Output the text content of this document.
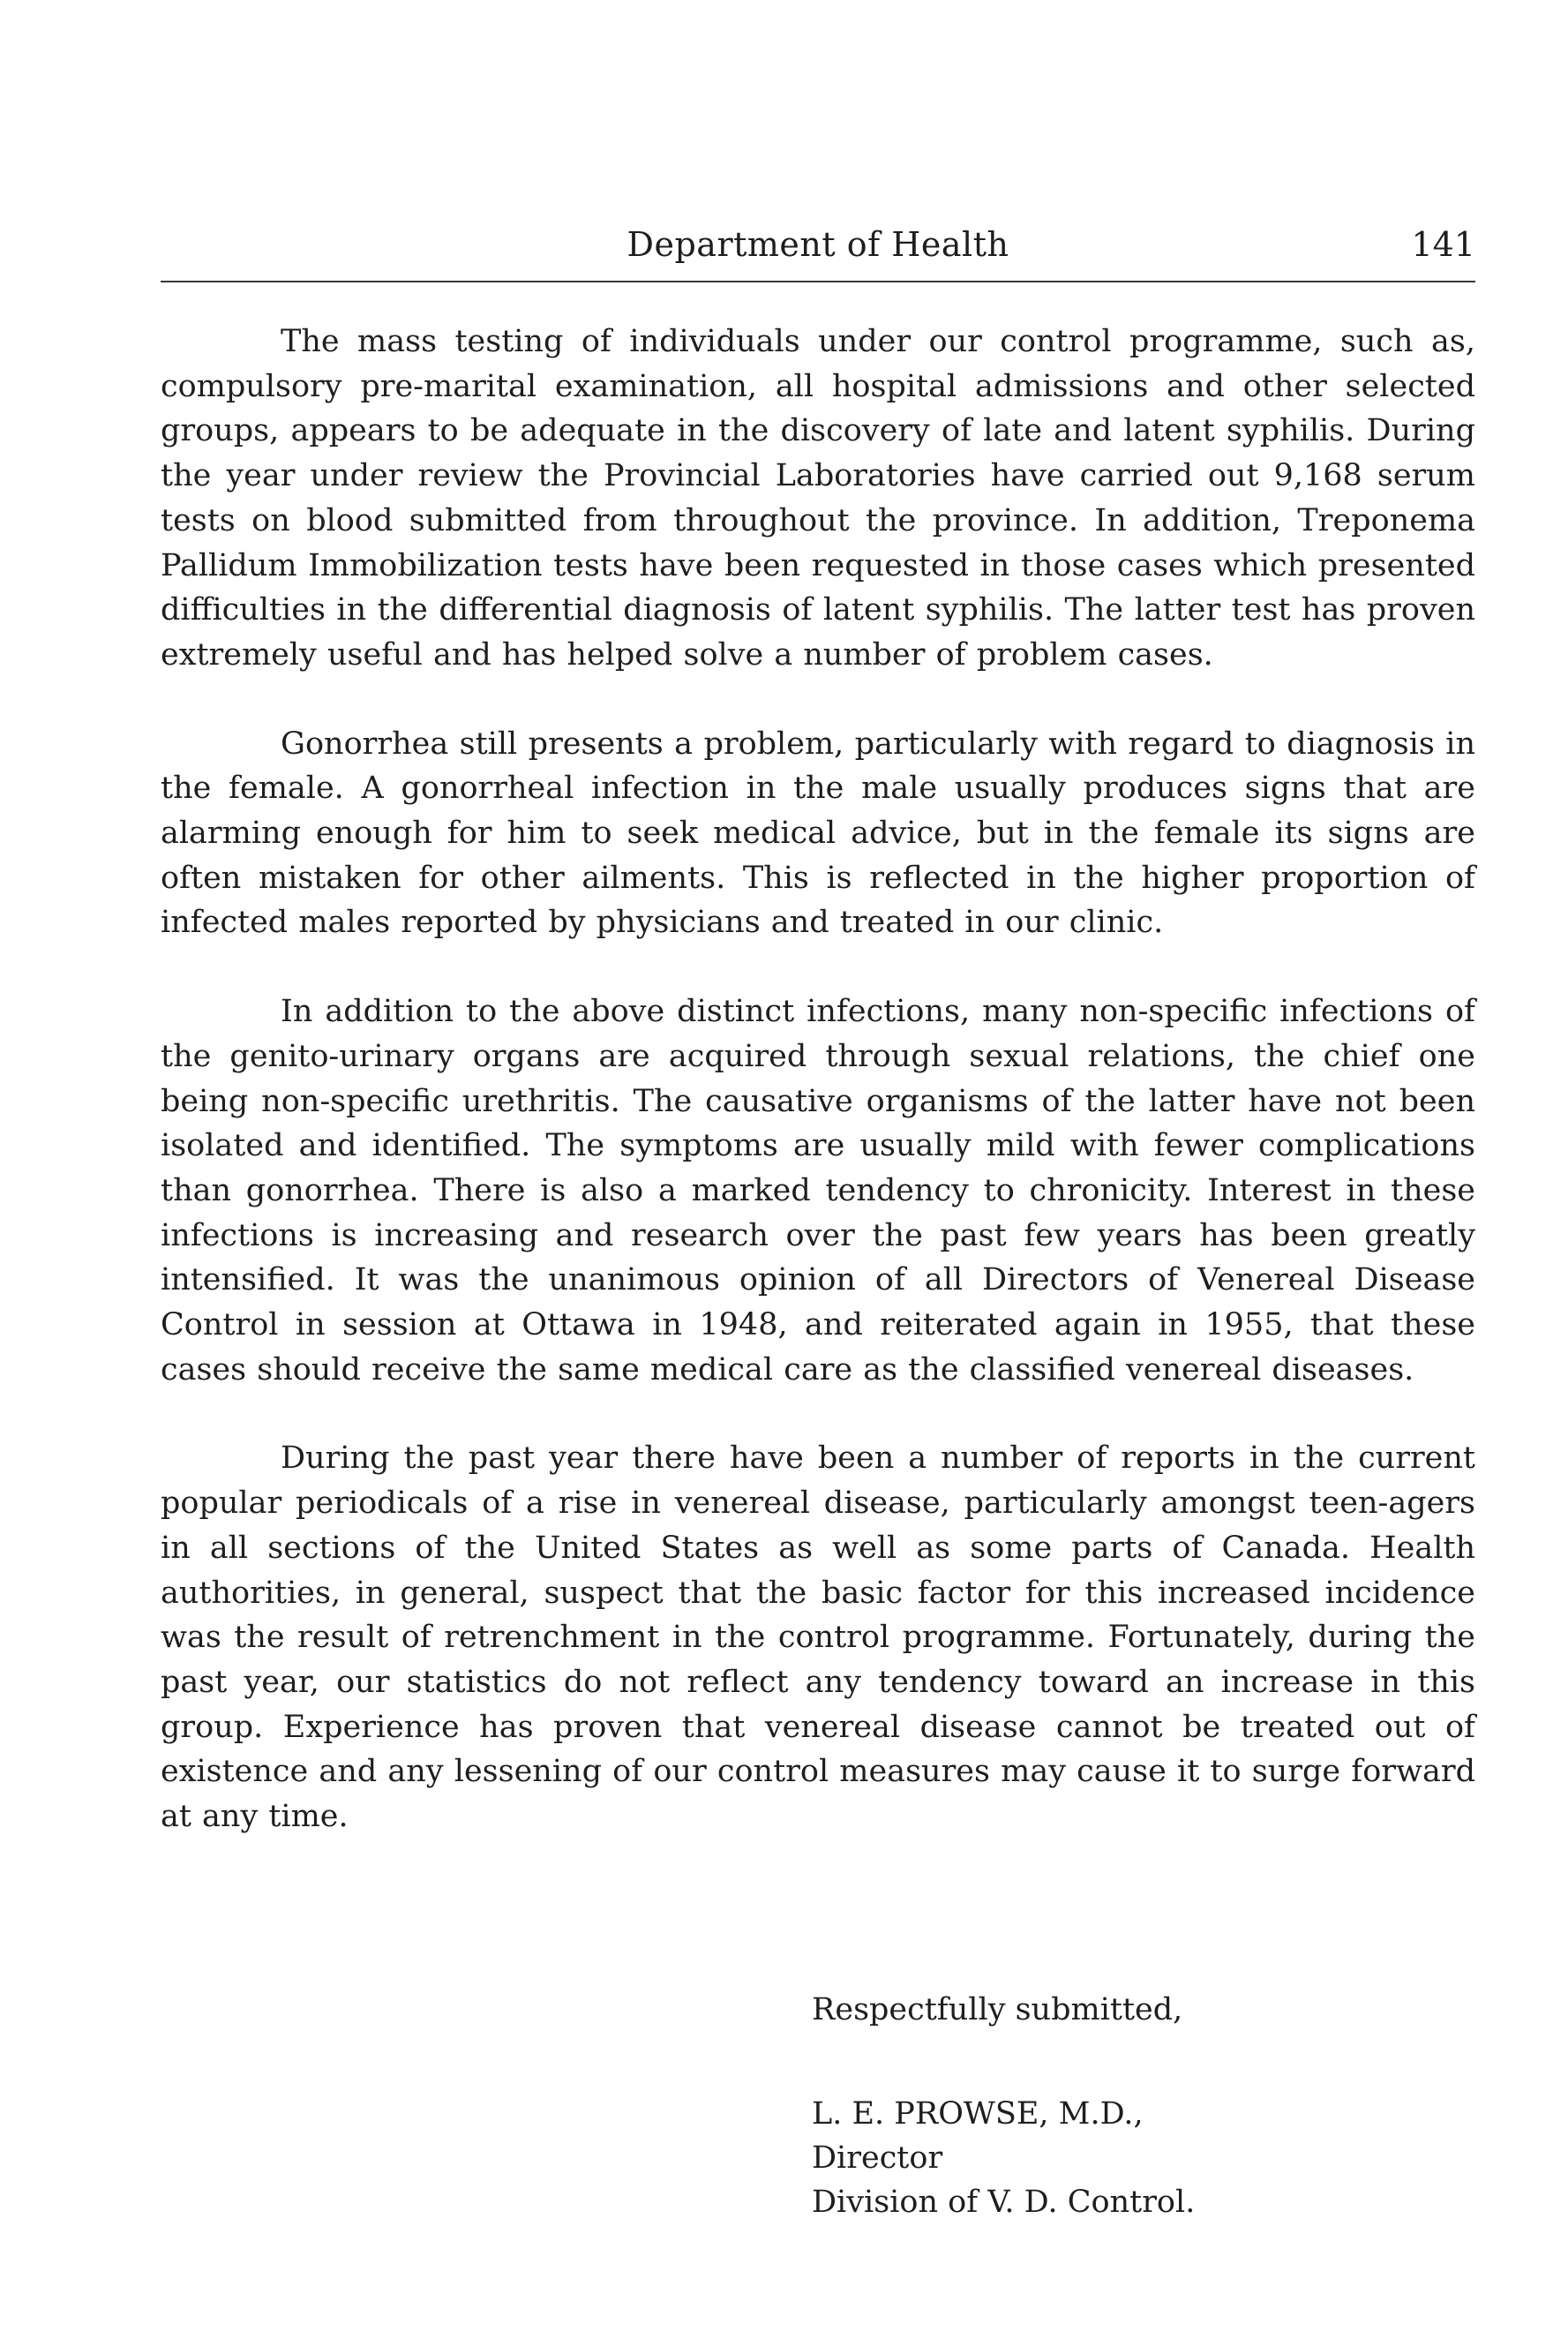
Department of Health	141

The mass testing of individuals under our control programme, such as, compulsory pre-marital examination, all hospital admissions and other selected groups, appears to be adequate in the discovery of late and latent syphilis. During the year under review the Provincial Laboratories have carried out 9,168 serum tests on blood submitted from throughout the province. In addition, Treponema Pallidum Immobilization tests have been requested in those cases which presented difficulties in the differential diagnosis of latent syphilis. The latter test has proven extremely useful and has helped solve a number of problem cases.

Gonorrhea still presents a problem, particularly with regard to diagnosis in the female. A gonorrheal infection in the male usually produces signs that are alarming enough for him to seek medical advice, but in the female its signs are often mistaken for other ailments. This is reflected in the higher proportion of infected males reported by physicians and treated in our clinic.

In addition to the above distinct infections, many non-specific infections of the genito-urinary organs are acquired through sexual relations, the chief one being non-specific urethritis. The causative organisms of the latter have not been isolated and identified. The symptoms are usually mild with fewer complications than gonorrhea. There is also a marked tendency to chronicity. Interest in these infections is increasing and research over the past few years has been greatly intensified. It was the unanimous opinion of all Directors of Venereal Disease Control in session at Ottawa in 1948, and reiterated again in 1955, that these cases should receive the same medical care as the classified venereal diseases.

During the past year there have been a number of reports in the current popular periodicals of a rise in venereal disease, particularly amongst teen-agers in all sections of the United States as well as some parts of Canada. Health authorities, in general, suspect that the basic factor for this increased incidence was the result of retrenchment in the control programme. Fortunately, during the past year, our statistics do not reflect any tendency toward an increase in this group. Experience has proven that venereal disease cannot be treated out of existence and any lessening of our control measures may cause it to surge forward at any time.

Respectfully submitted,

L. E. PROWSE, M.D.,

Director

Division of V. D. Control.
